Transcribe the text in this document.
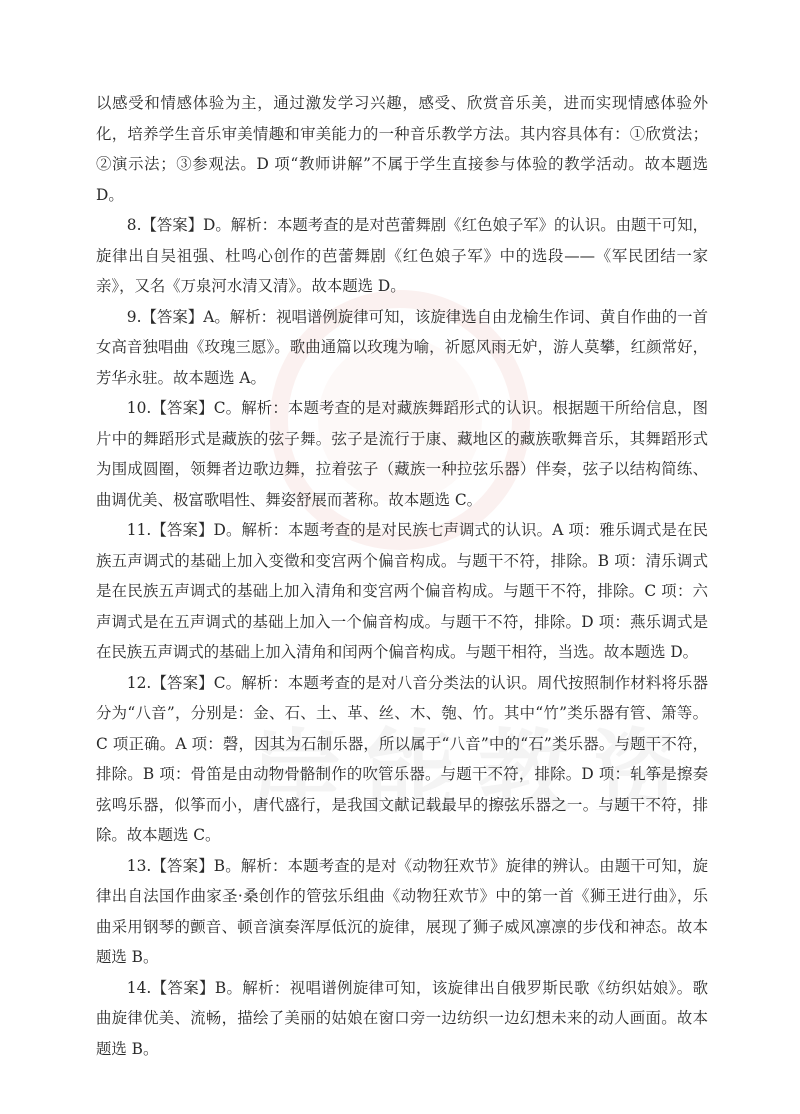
以感受和情感体验为主，通过激发学习兴趣，感受、欣赏音乐美，进而实现情感体验外化，培养学生音乐审美情趣和审美能力的一种音乐教学方法。其内容具体有：①欣赏法；②演示法；③参观法。D 项“教师讲解”不属于学生直接参与体验的教学活动。故本题选 D。

8.【答案】D。解析：本题考查的是对芭蕾舞剧《红色娘子军》的认识。由题干可知，旋律出自吴祖强、杜鸣心创作的芭蕾舞剧《红色娘子军》中的选段——《军民团结一家亲》，又名《万泉河水清又清》。故本题选 D。

9.【答案】A。解析：视唱谱例旋律可知，该旋律选自由龙榆生作词、黄自作曲的一首女高音独唱曲《玫瑰三愿》。歌曲通篇以玫瑰为喻，祈愿风雨无妒，游人莫攀，红颜常好，芳华永驻。故本题选 A。

10.【答案】C。解析：本题考查的是对藏族舞蹈形式的认识。根据题干所给信息，图片中的舞蹈形式是藏族的弦子舞。弦子是流行于康、藏地区的藏族歌舞音乐，其舞蹈形式为围成圆圈，领舞者边歌边舞，拉着弦子（藏族一种拉弦乐器）伴奏，弦子以结构简练、曲调优美、极富歌唱性、舞姿舒展而著称。故本题选 C。

11.【答案】D。解析：本题考查的是对民族七声调式的认识。A 项：雅乐调式是在民族五声调式的基础上加入变徵和变宫两个偏音构成。与题干不符，排除。B 项：清乐调式是在民族五声调式的基础上加入清角和变宫两个偏音构成。与题干不符，排除。C 项：六声调式是在五声调式的基础上加入一个偏音构成。与题干不符，排除。D 项：燕乐调式是在民族五声调式的基础上加入清角和闰两个偏音构成。与题干相符，当选。故本题选 D。

12.【答案】C。解析：本题考查的是对八音分类法的认识。周代按照制作材料将乐器分为“八音”，分别是：金、石、土、革、丝、木、匏、竹。其中“竹”类乐器有管、箫等。C 项正确。A 项：磬，因其为石制乐器，所以属于“八音”中的“石”类乐器。与题干不符，排除。B 项：骨笛是由动物骨骼制作的吹管乐器。与题干不符，排除。D 项：轧筝是擦奏弦鸣乐器，似筝而小，唐代盛行，是我国文献记载最早的擦弦乐器之一。与题干不符，排除。故本题选 C。

13.【答案】B。解析：本题考查的是对《动物狂欢节》旋律的辨认。由题干可知，旋律出自法国作曲家圣·桑创作的管弦乐组曲《动物狂欢节》中的第一首《狮王进行曲》，乐曲采用钢琴的颤音、顿音演奏浑厚低沉的旋律，展现了狮子威风凛凛的步伐和神态。故本题选 B。

14.【答案】B。解析：视唱谱例旋律可知，该旋律出自俄罗斯民歌《纺织姑娘》。歌曲旋律优美、流畅，描绘了美丽的姑娘在窗口旁一边纺织一边幻想未来的动人画面。故本题选 B。
